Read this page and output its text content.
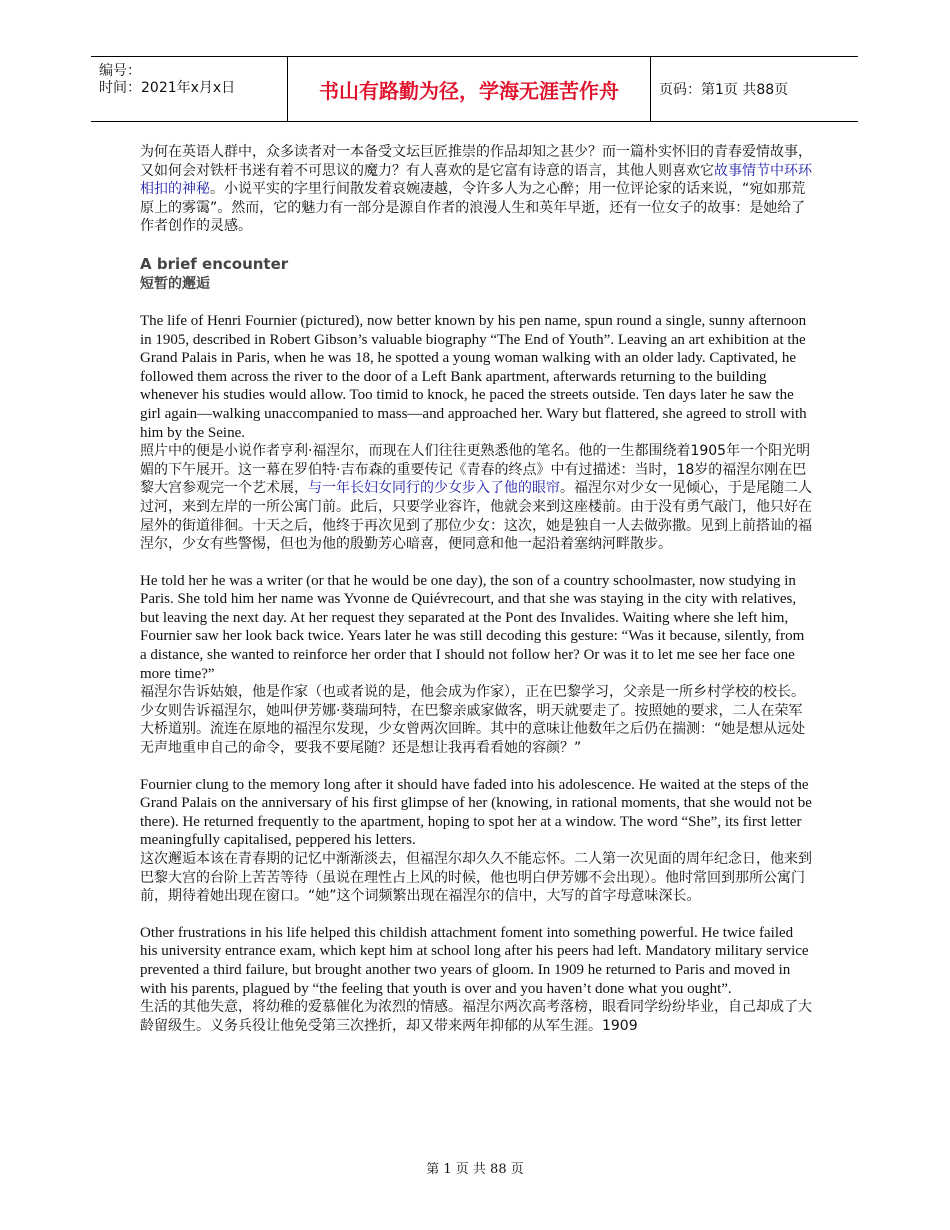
编号：
时间：2021年x月x日	书山有路勤为径，学海无涯苦作舟	页码：第1页 共88页

为何在英语人群中，众多读者对一本备受文坛巨匠推崇的作品却知之甚少？而一篇朴实怀旧的青春爱情故事，又如何会对铁杆书迷有着不可思议的魔力？有人喜欢的是它富有诗意的语言，其他人则喜欢它故事情节中环环相扣的神秘。小说平实的字里行间散发着哀婉凄越，令许多人为之心醉；用一位评论家的话来说，“宛如那荒原上的雾霭”。然而，它的魅力有一部分是源自作者的浪漫人生和英年早逝，还有一位女子的故事：是她给了作者创作的灵感。

A brief encounter

短暂的邂逅

The life of Henri Fournier (pictured), now better known by his pen name, spun round a single, sunny afternoon in 1905, described in Robert Gibson’s valuable biography “The End of Youth”. Leaving an art exhibition at the Grand Palais in Paris, when he was 18, he spotted a young woman walking with an older lady. Captivated, he followed them across the river to the door of a Left Bank apartment, afterwards returning to the building whenever his studies would allow. Too timid to knock, he paced the streets outside. Ten days later he saw the girl again—walking unaccompanied to mass—and approached her. Wary but flattered, she agreed to stroll with him by the Seine.

照片中的便是小说作者亨利·福涅尔，而现在人们往往更熟悉他的笔名。他的一生都围绕着1905年一个阳光明媚的下午展开。这一幕在罗伯特·吉布森的重要传记《青春的终点》中有过描述：当时，18岁的福涅尔刚在巴黎大宫参观完一个艺术展，与一年长妇女同行的少女步入了他的眼帘。福涅尔对少女一见倾心，于是尾随二人过河，来到左岸的一所公寓门前。此后，只要学业容许，他就会来到这座楼前。由于没有勇气敲门，他只好在屋外的街道徘徊。十天之后，他终于再次见到了那位少女：这次，她是独自一人去做弥撒。见到上前搭讪的福涅尔，少女有些警惕，但也为他的殷勤芳心暗喜，便同意和他一起沿着塞纳河畔散步。

He told her he was a writer (or that he would be one day), the son of a country schoolmaster, now studying in Paris. She told him her name was Yvonne de Quiévrecourt, and that she was staying in the city with relatives, but leaving the next day. At her request they separated at the Pont des Invalides. Waiting where she left him, Fournier saw her look back twice. Years later he was still decoding this gesture: “Was it because, silently, from a distance, she wanted to reinforce her order that I should not follow her? Or was it to let me see her face one more time?”

福涅尔告诉姑娘，他是作家（也或者说的是，他会成为作家），正在巴黎学习，父亲是一所乡村学校的校长。少女则告诉福涅尔，她叫伊芳娜·葵瑞珂特，在巴黎亲戚家做客，明天就要走了。按照她的要求，二人在荣军大桥道别。流连在原地的福涅尔发现，少女曾两次回眸。其中的意味让他数年之后仍在揣测：“她是想从远处无声地重申自己的命令，要我不要尾随？还是想让我再看看她的容颜？”

Fournier clung to the memory long after it should have faded into his adolescence. He waited at the steps of the Grand Palais on the anniversary of his first glimpse of her (knowing, in rational moments, that she would not be there). He returned frequently to the apartment, hoping to spot her at a window. The word “She”, its first letter meaningfully capitalised, peppered his letters.

这次邂逅本该在青春期的记忆中渐渐淡去，但福涅尔却久久不能忘怀。二人第一次见面的周年纪念日，他来到巴黎大宫的台阶上苦苦等待（虽说在理性占上风的时候，他也明白伊芳娜不会出现）。他时常回到那所公寓门前，期待着她出现在窗口。“她”这个词频繁出现在福涅尔的信中，大写的首字母意味深长。

Other frustrations in his life helped this childish attachment foment into something powerful. He twice failed his university entrance exam, which kept him at school long after his peers had left. Mandatory military service prevented a third failure, but brought another two years of gloom. In 1909 he returned to Paris and moved in with his parents, plagued by “the feeling that youth is over and you haven’t done what you ought”.

生活的其他失意，将幼稚的爱慕催化为浓烈的情感。福涅尔两次高考落榜，眼看同学纷纷毕业，自己却成了大龄留级生。义务兵役让他免受第三次挫折，却又带来两年抑郁的从军生涯。1909

第 1 页 共 88 页
